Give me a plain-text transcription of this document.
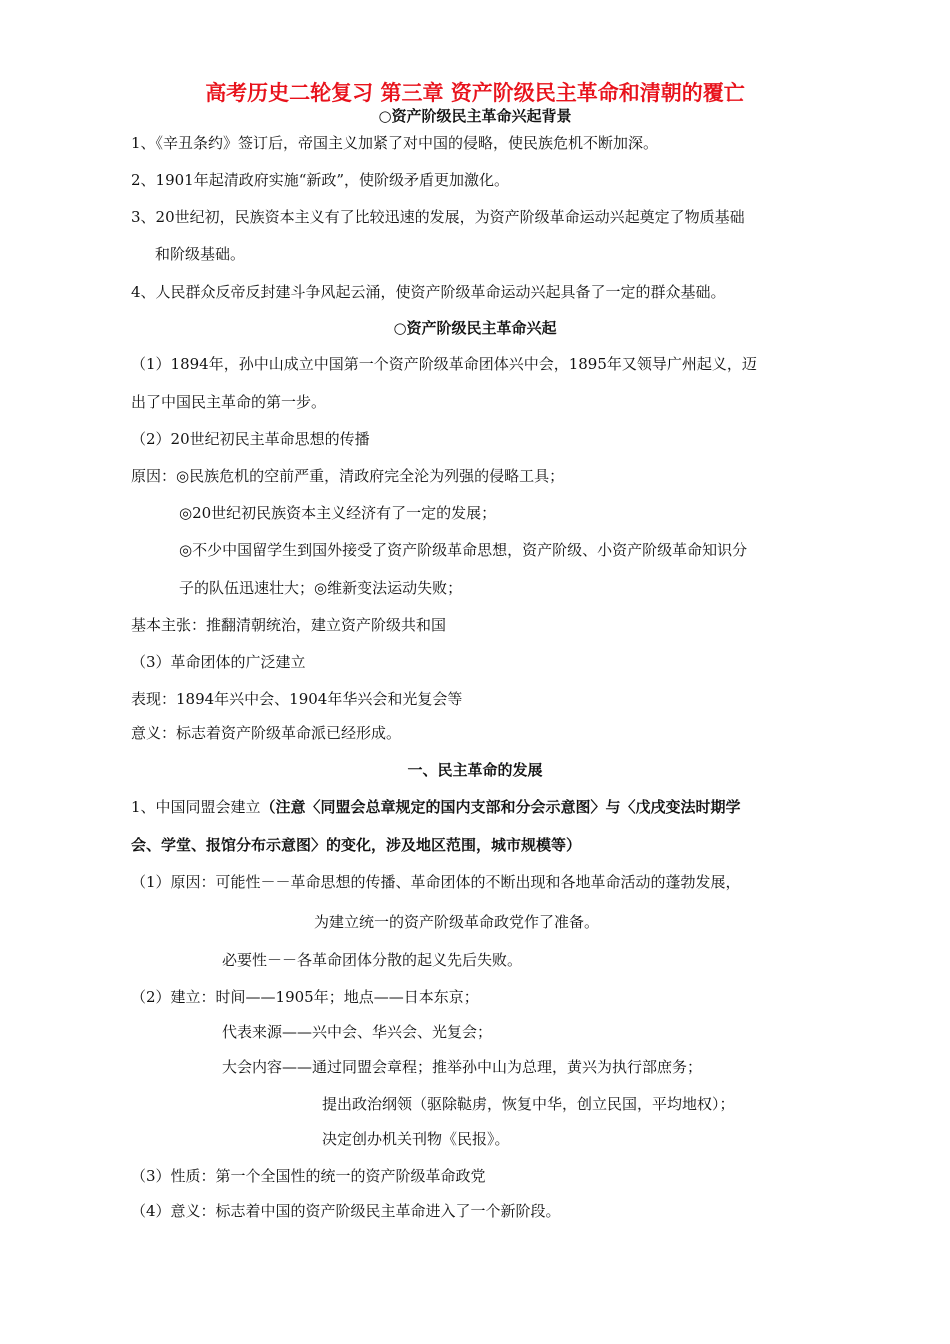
高考历史二轮复习 第三章 资产阶级民主革命和清朝的覆亡
○资产阶级民主革命兴起背景
1、《辛丑条约》签订后，帝国主义加紧了对中国的侵略，使民族危机不断加深。
2、1901年起清政府实施“新政”，使阶级矛盾更加激化。
3、20世纪初，民族资本主义有了比较迅速的发展，为资产阶级革命运动兴起奠定了物质基础
和阶级基础。
4、人民群众反帝反封建斗争风起云涌，使资产阶级革命运动兴起具备了一定的群众基础。
○资产阶级民主革命兴起
（1）1894年，孙中山成立中国第一个资产阶级革命团体兴中会，1895年又领导广州起义，迈
出了中国民主革命的第一步。
（2）20世纪初民主革命思想的传播
原因：◎民族危机的空前严重，清政府完全沦为列强的侵略工具；
◎20世纪初民族资本主义经济有了一定的发展；
◎不少中国留学生到国外接受了资产阶级革命思想，资产阶级、小资产阶级革命知识分
子的队伍迅速壮大；◎维新变法运动失败；
基本主张：推翻清朝统治，建立资产阶级共和国
（3）革命团体的广泛建立
表现：1894年兴中会、1904年华兴会和光复会等
意义：标志着资产阶级革命派已经形成。
一、民主革命的发展
1、中国同盟会建立（注意〈同盟会总章规定的国内支部和分会示意图〉与〈戊戌变法时期学
会、学堂、报馆分布示意图〉的变化，涉及地区范围，城市规模等）
（1）原因：可能性－－革命思想的传播、革命团体的不断出现和各地革命活动的蓬勃发展，
为建立统一的资产阶级革命政党作了准备。
必要性－－各革命团体分散的起义先后失败。
（2）建立：时间——1905年；地点——日本东京；
代表来源——兴中会、华兴会、光复会；
大会内容——通过同盟会章程；推举孙中山为总理，黄兴为执行部庶务；
提出政治纲领（驱除鞑虏，恢复中华，创立民国，平均地权）；
决定创办机关刊物《民报》。
（3）性质：第一个全国性的统一的资产阶级革命政党
（4）意义：标志着中国的资产阶级民主革命进入了一个新阶段。
